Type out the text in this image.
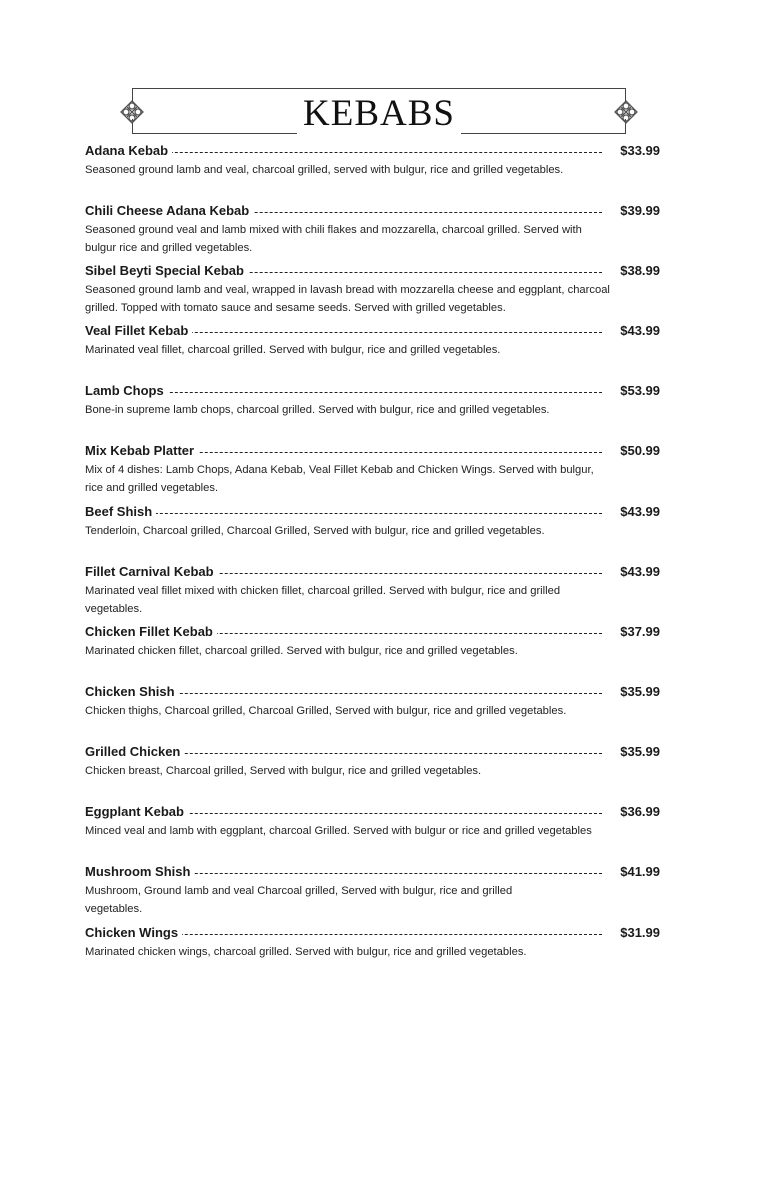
KEBABS
Adana Kebab	$33.99
Seasoned ground lamb and veal, charcoal grilled, served with bulgur, rice and grilled vegetables.
Chili Cheese Adana Kebab	$39.99
Seasoned ground veal and lamb mixed with chili flakes and mozzarella, charcoal grilled. Served with bulgur rice and grilled vegetables.
Sibel Beyti Special Kebab	$38.99
Seasoned ground lamb and veal, wrapped in lavash bread with mozzarella cheese and eggplant, charcoal grilled. Topped with tomato sauce and sesame seeds. Served with grilled vegetables.
Veal Fillet Kebab	$43.99
Marinated veal fillet, charcoal grilled. Served with bulgur, rice and grilled vegetables.
Lamb Chops	$53.99
Bone-in supreme lamb chops, charcoal grilled. Served with bulgur, rice and grilled vegetables.
Mix Kebab Platter	$50.99
Mix of 4 dishes: Lamb Chops, Adana Kebab, Veal Fillet Kebab and Chicken Wings. Served with bulgur, rice and grilled vegetables.
Beef Shish	$43.99
Tenderloin, Charcoal grilled, Charcoal Grilled, Served with bulgur, rice and grilled vegetables.
Fillet Carnival Kebab	$43.99
Marinated veal fillet mixed with chicken fillet, charcoal grilled. Served with bulgur, rice and grilled vegetables.
Chicken Fillet Kebab	$37.99
Marinated chicken fillet, charcoal grilled. Served with bulgur, rice and grilled vegetables.
Chicken Shish	$35.99
Chicken thighs, Charcoal grilled, Charcoal Grilled, Served with bulgur, rice and grilled vegetables.
Grilled Chicken	$35.99
Chicken breast, Charcoal grilled, Served with bulgur, rice and grilled vegetables.
Eggplant Kebab	$36.99
Minced veal and lamb with eggplant, charcoal Grilled. Served with bulgur or rice and grilled vegetables
Mushroom Shish	$41.99
Mushroom, Ground lamb and veal Charcoal grilled, Served with bulgur, rice and grilled vegetables.
Chicken Wings	$31.99
Marinated chicken wings, charcoal grilled. Served with bulgur, rice and grilled vegetables.
